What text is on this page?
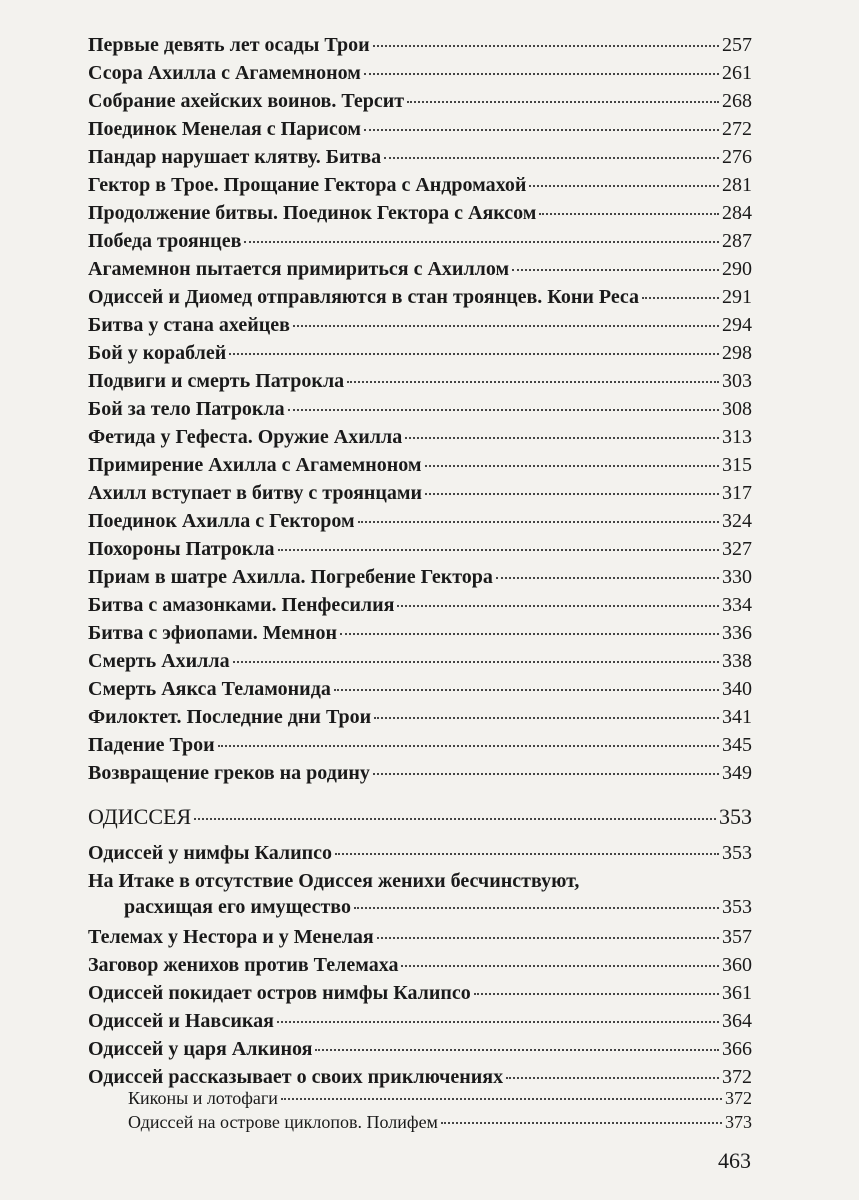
Первые девять лет осады Трои	257
Ссора Ахилла с Агамемноном	261
Собрание ахейских воинов. Терсит	268
Поединок Менелая с Парисом	272
Пандар нарушает клятву. Битва	276
Гектор в Трое. Прощание Гектора с Андромахой	281
Продолжение битвы. Поединок Гектора с Аяксом	284
Победа троянцев	287
Агамемнон пытается примириться с Ахиллом	290
Одиссей и Диомед отправляются в стан троянцев. Кони Реса	291
Битва у стана ахейцев	294
Бой у кораблей	298
Подвиги и смерть Патрокла	303
Бой за тело Патрокла	308
Фетида у Гефеста. Оружие Ахилла	313
Примирение Ахилла с Агамемноном	315
Ахилл вступает в битву с троянцами	317
Поединок Ахилла с Гектором	324
Похороны Патрокла	327
Приам в шатре Ахилла. Погребение Гектора	330
Битва с амазонками. Пенфесилия	334
Битва с эфиопами. Мемнон	336
Смерть Ахилла	338
Смерть Аякса Теламонида	340
Филоктет. Последние дни Трои	341
Падение Трои	345
Возвращение греков на родину	349
ОДИССЕЯ	353
Одиссей у нимфы Калипсо	353
На Итаке в отсутствие Одиссея женихи бесчинствуют,
расхищая его имущество	353
Телемах у Нестора и у Менелая	357
Заговор женихов против Телемаха	360
Одиссей покидает остров нимфы Калипсо	361
Одиссей и Навсикая	364
Одиссей у царя Алкиноя	366
Одиссей рассказывает о своих приключениях	372
Киконы и лотофаги	372
Одиссей на острове циклопов. Полифем	373
463
